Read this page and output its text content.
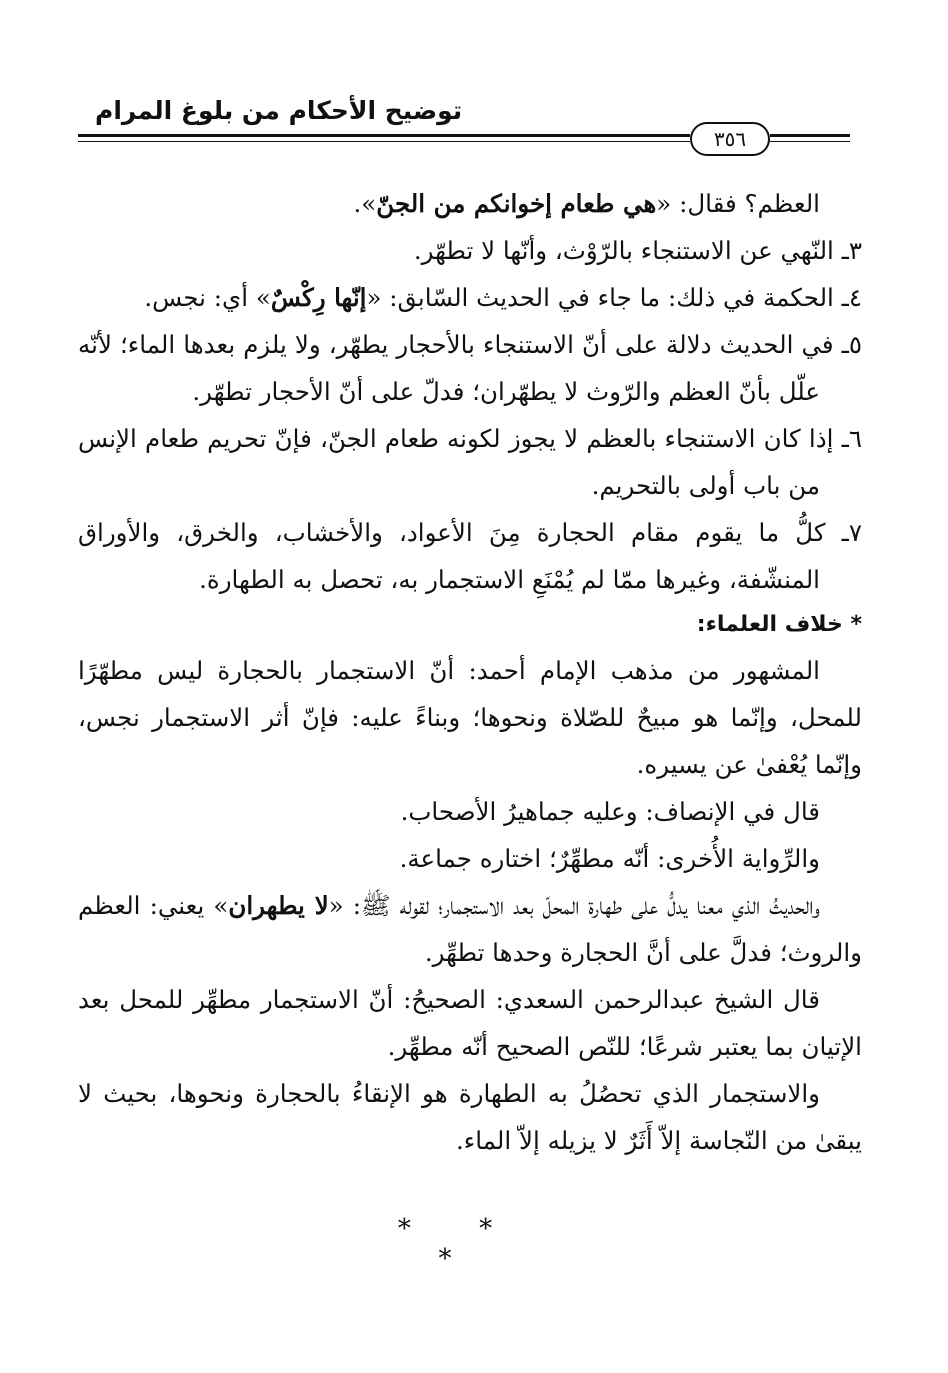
توضيح الأحكام من بلوغ المرام
٣٥٦

العظم؟ فقال: «هي طعام إخوانكم من الجنّ».

٣ـ النّهي عن الاستنجاء بالرّوْث، وأنّها لا تطهّر.

٤ـ الحكمة في ذلك: ما جاء في الحديث السّابق: «إنّها رِكْسٌ» أي: نجس.

٥ـ في الحديث دلالة على أنّ الاستنجاء بالأحجار يطهّر، ولا يلزم بعدها الماء؛ لأنّه علّل بأنّ العظم والرّوث لا يطهّران؛ فدلّ على أنّ الأحجار تطهّر.

٦ـ إذا كان الاستنجاء بالعظم لا يجوز لكونه طعام الجنّ، فإنّ تحريم طعام الإنس من باب أولى بالتحريم.

٧ـ كلُّ ما يقوم مقام الحجارة مِنَ الأعواد، والأخشاب، والخرق، والأوراق المنشّفة، وغيرها ممّا لم يُمْنَعِ الاستجمار به، تحصل به الطهارة.

* خلاف العلماء:

المشهور من مذهب الإمام أحمد: أنّ الاستجمار بالحجارة ليس مطهّرًا للمحل، وإنّما هو مبيحٌ للصّلاة ونحوها؛ وبناءً عليه: فإنّ أثر الاستجمار نجس، وإنّما يُعْفىٰ عن يسيره.

قال في الإنصاف: وعليه جماهيرُ الأصحاب.

والرِّواية الأُخرى: أنّه مطهِّرٌ؛ اختاره جماعة.

والحديثُ الذي معنا يدلُّ على طهارة المحلّ بعد الاستجمار؛ لقوله ﷺ: «لا يطهران» يعني: العظم والروث؛ فدلَّ على أنَّ الحجارة وحدها تطهِّر.

قال الشيخ عبدالرحمن السعدي: الصحيحُ: أنّ الاستجمار مطهِّر للمحل بعد الإتيان بما يعتبر شرعًا؛ للنّص الصحيح أنّه مطهِّر.

والاستجمار الذي تحصُلُ به الطهارة هو الإنقاءُ بالحجارة ونحوها، بحيث لا يبقىٰ من النّجاسة إلاّ أَثَرٌ لا يزيله إلاّ الماء.

* * *
